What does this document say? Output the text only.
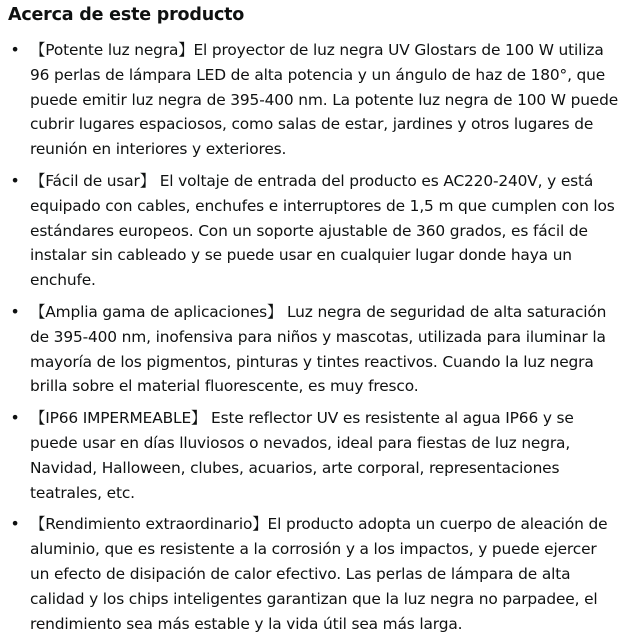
Acerca de este producto
• 【Potente luz negra】El proyector de luz negra UV Glostars de 100 W utiliza 96 perlas de lámpara LED de alta potencia y un ángulo de haz de 180°, que puede emitir luz negra de 395-400 nm. La potente luz negra de 100 W puede cubrir lugares espaciosos, como salas de estar, jardines y otros lugares de reunión en interiores y exteriores.
• 【Fácil de usar】 El voltaje de entrada del producto es AC220-240V, y está equipado con cables, enchufes e interruptores de 1,5 m que cumplen con los estándares europeos. Con un soporte ajustable de 360 grados, es fácil de instalar sin cableado y se puede usar en cualquier lugar donde haya un enchufe.
• 【Amplia gama de aplicaciones】 Luz negra de seguridad de alta saturación de 395-400 nm, inofensiva para niños y mascotas, utilizada para iluminar la mayoría de los pigmentos, pinturas y tintes reactivos. Cuando la luz negra brilla sobre el material fluorescente, es muy fresco.
• 【IP66 IMPERMEABLE】 Este reflector UV es resistente al agua IP66 y se puede usar en días lluviosos o nevados, ideal para fiestas de luz negra, Navidad, Halloween, clubes, acuarios, arte corporal, representaciones teatrales, etc.
• 【Rendimiento extraordinario】El producto adopta un cuerpo de aleación de aluminio, que es resistente a la corrosión y a los impactos, y puede ejercer un efecto de disipación de calor efectivo. Las perlas de lámpara de alta calidad y los chips inteligentes garantizan que la luz negra no parpadee, el rendimiento sea más estable y la vida útil sea más larga.
